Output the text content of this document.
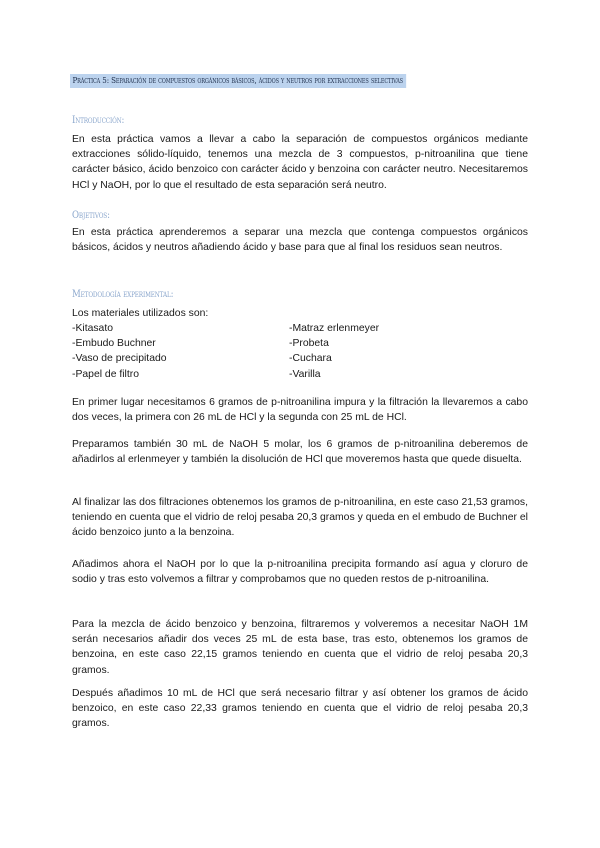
Práctica 5: Separación de compuestos orgánicos básicos, ácidos y neutros por extracciones selectivas
Introducción:

En esta práctica vamos a llevar a cabo la separación de compuestos orgánicos mediante extracciones sólido-líquido, tenemos una mezcla de 3 compuestos, p-nitroanilina que tiene carácter básico, ácido benzoico con carácter ácido y benzoina con carácter neutro. Necesitaremos HCl y NaOH, por lo que el resultado de esta separación será neutro.

Objetivos:

En esta práctica aprenderemos a separar una mezcla que contenga compuestos orgánicos básicos, ácidos y neutros añadiendo ácido y base para que al final los residuos sean neutros.

Metodología experimental:

Los materiales utilizados son:

-Kitasato
-Embudo Buchner
-Vaso de precipitado
-Papel de filtro
-Matraz erlenmeyer
-Probeta
-Cuchara
-Varilla

En primer lugar necesitamos 6 gramos de p-nitroanilina impura y la filtración la llevaremos a cabo dos veces, la primera con 26 mL de HCl y la segunda con 25 mL de HCl.

Preparamos también 30 mL de NaOH 5 molar, los 6 gramos de p-nitroanilina deberemos de añadirlos al erlenmeyer y también la disolución de HCl que moveremos hasta que quede disuelta.

Al finalizar las dos filtraciones obtenemos los gramos de p-nitroanilina, en este caso 21,53 gramos, teniendo en cuenta que el vidrio de reloj pesaba 20,3 gramos y queda en el embudo de Buchner el ácido benzoico junto a la benzoina.

Añadimos ahora el NaOH por lo que la p-nitroanilina precipita formando así agua y cloruro de sodio y tras esto volvemos a filtrar y comprobamos que no queden restos de p-nitroanilina.

Para la mezcla de ácido benzoico y benzoina, filtraremos y volveremos a necesitar NaOH 1M serán necesarios añadir dos veces 25 mL de esta base, tras esto, obtenemos los gramos de benzoina, en este caso 22,15 gramos teniendo en cuenta que el vidrio de reloj pesaba 20,3 gramos.

Después añadimos 10 mL de HCl que será necesario filtrar y así obtener los gramos de ácido benzoico, en este caso 22,33 gramos teniendo en cuenta que el vidrio de reloj pesaba 20,3 gramos.
